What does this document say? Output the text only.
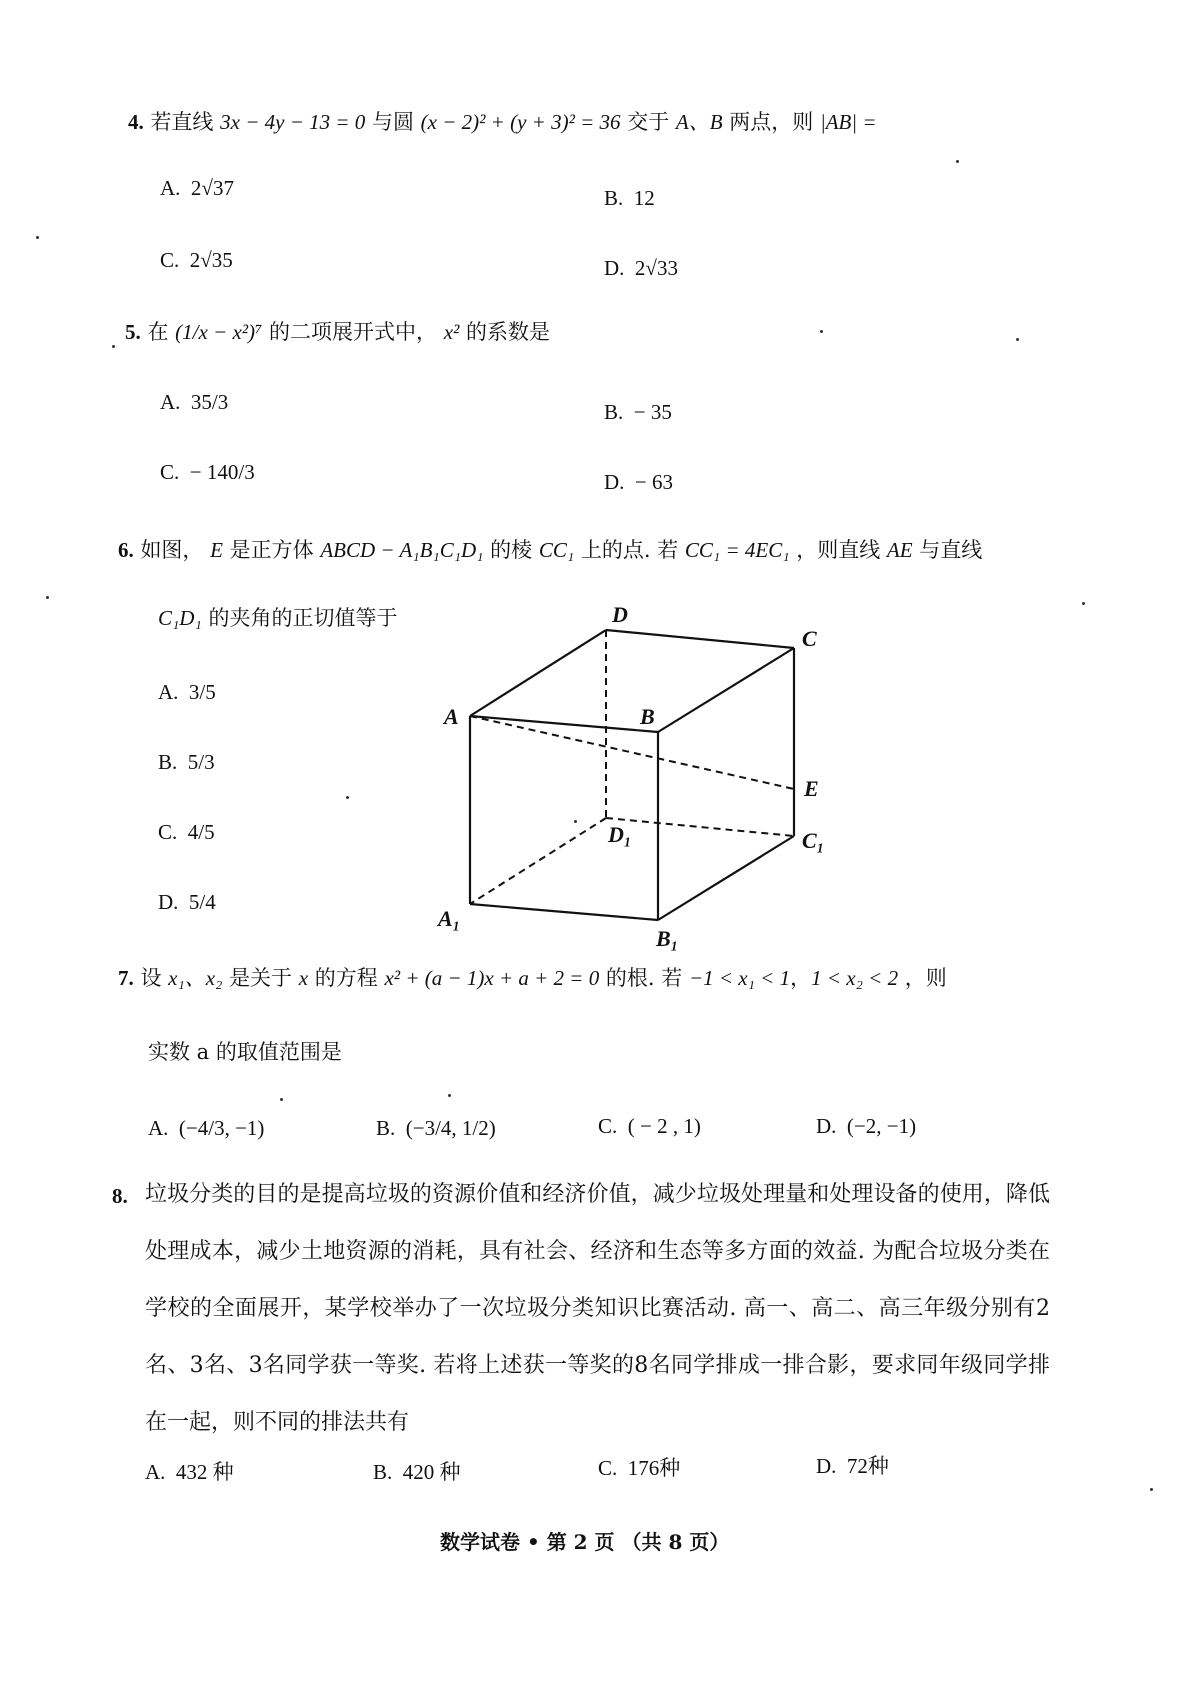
4. 若直线 3x − 4y − 13 = 0 与圆 (x − 2)² + (y + 3)² = 36 交于 A、B 两点，则 |AB| =
A. 2√37	B. 12
C. 2√35	D. 2√33
5. 在 (1/x − x²)⁷ 的二项展开式中， x² 的系数是
A. 35/3	B. − 35
C. − 140/3	D. − 63
6. 如图， E 是正方体 ABCD − A₁B₁C₁D₁ 的棱 CC₁ 上的点. 若 CC₁ = 4EC₁ ，则直线 AE 与直线
C₁D₁ 的夹角的正切值等于
A. 3/5
B. 5/3
C. 4/5
D. 5/4
D
C
A	B
E
D₁	C₁
A₁
B₁
7. 设 x₁、x₂ 是关于 x 的方程 x² + (a − 1)x + a + 2 = 0 的根. 若 −1 < x₁ < 1，1 < x₂ < 2 ，则
实数 a 的取值范围是
A. (−4/3, −1)	B. (−3/4, 1/2)	C. ( − 2 , 1)	D. (−2, −1)
8. 垃圾分类的目的是提高垃圾的资源价值和经济价值，减少垃圾处理量和处理设备的使用，降低处理成本，减少土地资源的消耗，具有社会、经济和生态等多方面的效益. 为配合垃圾分类在学校的全面展开，某学校举办了一次垃圾分类知识比赛活动. 高一、高二、高三年级分别有2名、3名、3名同学获一等奖. 若将上述获一等奖的8名同学排成一排合影，要求同年级同学排在一起，则不同的排法共有
A. 432 种	B. 420 种	C. 176种	D. 72种
数学试卷 • 第 2 页 （共 8 页）
